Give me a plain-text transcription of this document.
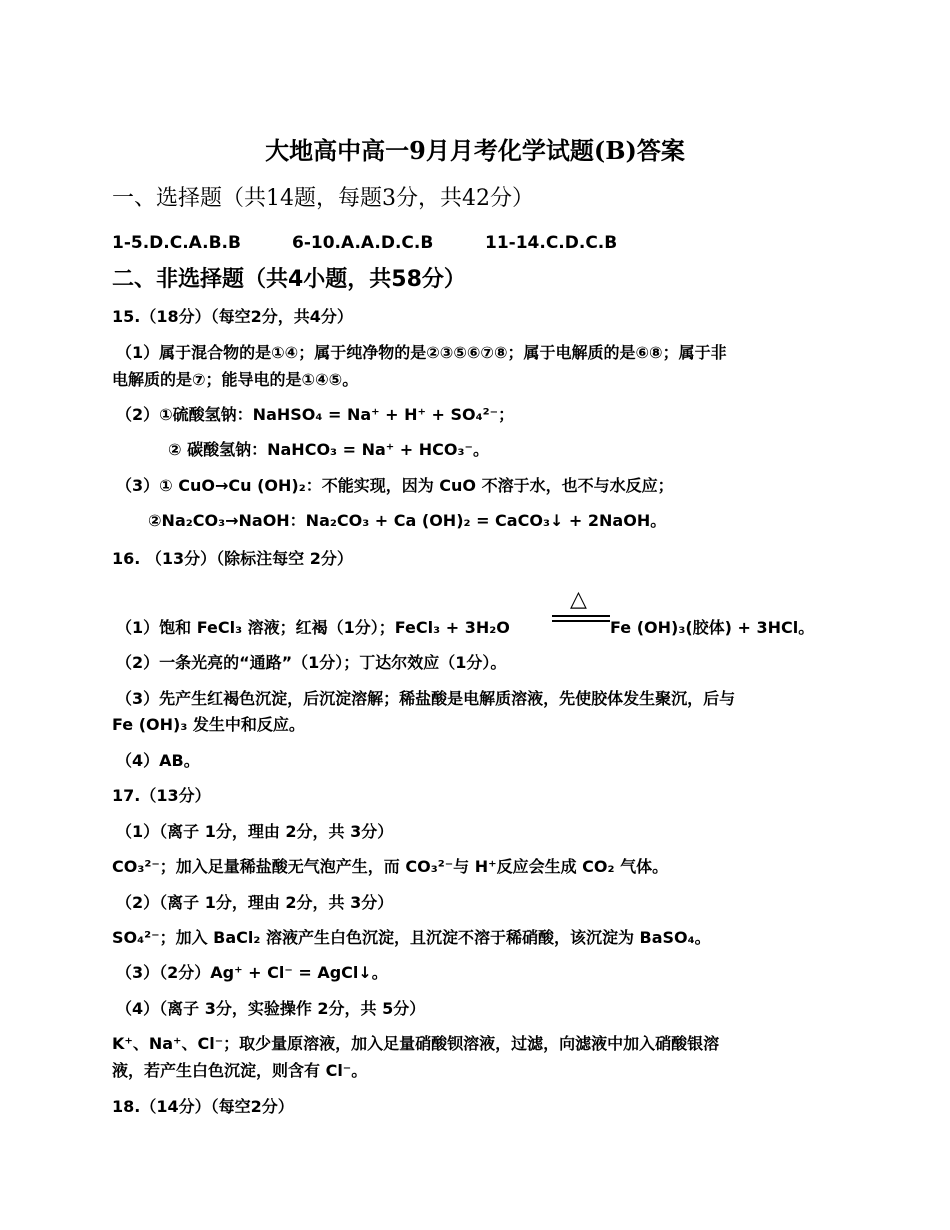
大地高中高一9月月考化学试题(B)答案
一、选择题（共14题，每题3分，共42分）
1-5.D.C.A.B.B	6-10.A.A.D.C.B	11-14.C.D.C.B
二、非选择题（共4小题，共58分）
15.（18分）（每空2分，共4分）
（1）属于混合物的是①④；属于纯净物的是②③⑤⑥⑦⑧；属于电解质的是⑥⑧；属于非
电解质的是⑦；能导电的是①④⑤。
（2）①硫酸氢钠：NaHSO₄ = Na⁺ + H⁺ + SO₄²⁻；
② 碳酸氢钠：NaHCO₃ = Na⁺ + HCO₃⁻。
（3）① CuO→Cu (OH)₂：不能实现，因为 CuO 不溶于水，也不与水反应；
②Na₂CO₃→NaOH：Na₂CO₃ + Ca (OH)₂ = CaCO₃↓ + 2NaOH。
16. （13分）（除标注每空 2分）
（1）饱和 FeCl₃ 溶液；红褐（1分）；FeCl₃ + 3H₂O
△
Fe (OH)₃(胶体) + 3HCl。
（2）一条光亮的“通路”（1分）；丁达尔效应（1分）。
（3）先产生红褐色沉淀，后沉淀溶解；稀盐酸是电解质溶液，先使胶体发生聚沉，后与
Fe (OH)₃ 发生中和反应。
（4）AB。
17.（13分）
（1）（离子 1分，理由 2分，共 3分）
CO₃²⁻；加入足量稀盐酸无气泡产生，而 CO₃²⁻与 H⁺反应会生成 CO₂ 气体。
（2）（离子 1分，理由 2分，共 3分）
SO₄²⁻；加入 BaCl₂ 溶液产生白色沉淀，且沉淀不溶于稀硝酸，该沉淀为 BaSO₄。
（3）（2分）Ag⁺ + Cl⁻ = AgCl↓。
（4）（离子 3分，实验操作 2分，共 5分）
K⁺、Na⁺、Cl⁻；取少量原溶液，加入足量硝酸钡溶液，过滤，向滤液中加入硝酸银溶
液，若产生白色沉淀，则含有 Cl⁻。
18.（14分）（每空2分）
